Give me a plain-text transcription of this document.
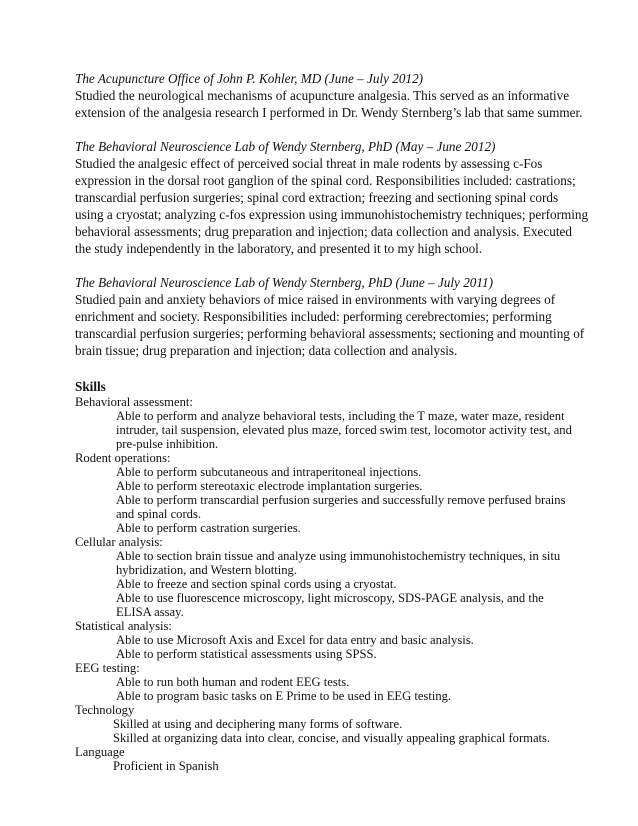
The Acupuncture Office of John P. Kohler, MD (June – July 2012)
Studied the neurological mechanisms of acupuncture analgesia. This served as an informative
extension of the analgesia research I performed in Dr. Wendy Sternberg’s lab that same summer.
The Behavioral Neuroscience Lab of Wendy Sternberg, PhD (May – June 2012)
Studied the analgesic effect of perceived social threat in male rodents by assessing c-Fos
expression in the dorsal root ganglion of the spinal cord. Responsibilities included: castrations;
transcardial perfusion surgeries; spinal cord extraction; freezing and sectioning spinal cords
using a cryostat; analyzing c-fos expression using immunohistochemistry techniques; performing
behavioral assessments; drug preparation and injection; data collection and analysis. Executed
the study independently in the laboratory, and presented it to my high school.
The Behavioral Neuroscience Lab of Wendy Sternberg, PhD (June – July 2011)
Studied pain and anxiety behaviors of mice raised in environments with varying degrees of
enrichment and society. Responsibilities included: performing cerebrectomies; performing
transcardial perfusion surgeries; performing behavioral assessments; sectioning and mounting of
brain tissue; drug preparation and injection; data collection and analysis.
Skills
Behavioral assessment:
Able to perform and analyze behavioral tests, including the T maze, water maze, resident
intruder, tail suspension, elevated plus maze, forced swim test, locomotor activity test, and
pre-pulse inhibition.
Rodent operations:
Able to perform subcutaneous and intraperitoneal injections.
Able to perform stereotaxic electrode implantation surgeries.
Able to perform transcardial perfusion surgeries and successfully remove perfused brains
and spinal cords.
Able to perform castration surgeries.
Cellular analysis:
Able to section brain tissue and analyze using immunohistochemistry techniques, in situ
hybridization, and Western blotting.
Able to freeze and section spinal cords using a cryostat.
Able to use fluorescence microscopy, light microscopy, SDS-PAGE analysis, and the
ELISA assay.
Statistical analysis:
Able to use Microsoft Axis and Excel for data entry and basic analysis.
Able to perform statistical assessments using SPSS.
EEG testing:
Able to run both human and rodent EEG tests.
Able to program basic tasks on E Prime to be used in EEG testing.
Technology
Skilled at using and deciphering many forms of software.
Skilled at organizing data into clear, concise, and visually appealing graphical formats.
Language
Proficient in Spanish
